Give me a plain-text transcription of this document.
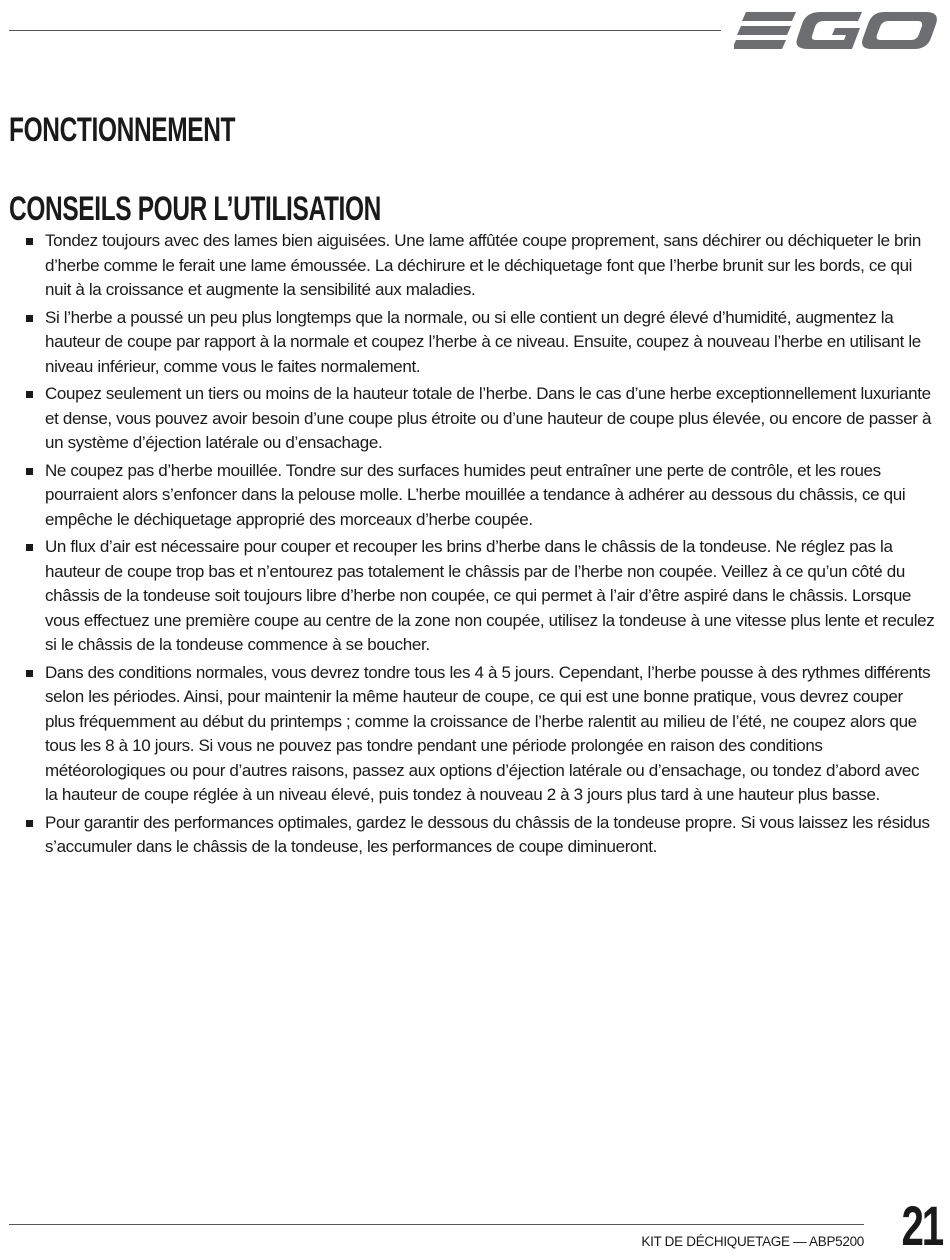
FONCTIONNEMENT
CONSEILS POUR L’UTILISATION
Tondez toujours avec des lames bien aiguisées. Une lame affûtée coupe proprement, sans déchirer ou déchiqueter le brin d’herbe comme le ferait une lame émoussée. La déchirure et le déchiquetage font que l’herbe brunit sur les bords, ce qui nuit à la croissance et augmente la sensibilité aux maladies.
Si l’herbe a poussé un peu plus longtemps que la normale, ou si elle contient un degré élevé d’humidité, augmentez la hauteur de coupe par rapport à la normale et coupez l’herbe à ce niveau. Ensuite, coupez à nouveau l’herbe en utilisant le niveau inférieur, comme vous le faites normalement.
Coupez seulement un tiers ou moins de la hauteur totale de l’herbe. Dans le cas d’une herbe exceptionnellement luxuriante et dense, vous pouvez avoir besoin d’une coupe plus étroite ou d’une hauteur de coupe plus élevée, ou encore de passer à un système d’éjection latérale ou d’ensachage.
Ne coupez pas d’herbe mouillée. Tondre sur des surfaces humides peut entraîner une perte de contrôle, et les roues pourraient alors s’enfoncer dans la pelouse molle. L’herbe mouillée a tendance à adhérer au dessous du châssis, ce qui empêche le déchiquetage approprié des morceaux d’herbe coupée.
Un flux d’air est nécessaire pour couper et recouper les brins d’herbe dans le châssis de la tondeuse. Ne réglez pas la hauteur de coupe trop bas et n’entourez pas totalement le châssis par de l’herbe non coupée. Veillez à ce qu’un côté du châssis de la tondeuse soit toujours libre d’herbe non coupée, ce qui permet à l’air d’être aspiré dans le châssis. Lorsque vous effectuez une première coupe au centre de la zone non coupée, utilisez la tondeuse à une vitesse plus lente et reculez si le châssis de la tondeuse commence à se boucher.
Dans des conditions normales, vous devrez tondre tous les 4 à 5 jours. Cependant, l’herbe pousse à des rythmes différents selon les périodes. Ainsi, pour maintenir la même hauteur de coupe, ce qui est une bonne pratique, vous devrez couper plus fréquemment au début du printemps ; comme la croissance de l’herbe ralentit au milieu de l’été, ne coupez alors que tous les 8 à 10 jours. Si vous ne pouvez pas tondre pendant une période prolongée en raison des conditions météorologiques ou pour d’autres raisons, passez aux options d’éjection latérale ou d’ensachage, ou tondez d’abord avec la hauteur de coupe réglée à un niveau élevé, puis tondez à nouveau 2 à 3 jours plus tard à une hauteur plus basse.
Pour garantir des performances optimales, gardez le dessous du châssis de la tondeuse propre. Si vous laissez les résidus s’accumuler dans le châssis de la tondeuse, les performances de coupe diminueront.
KIT DE DÉCHIQUETAGE — ABP5200 21
